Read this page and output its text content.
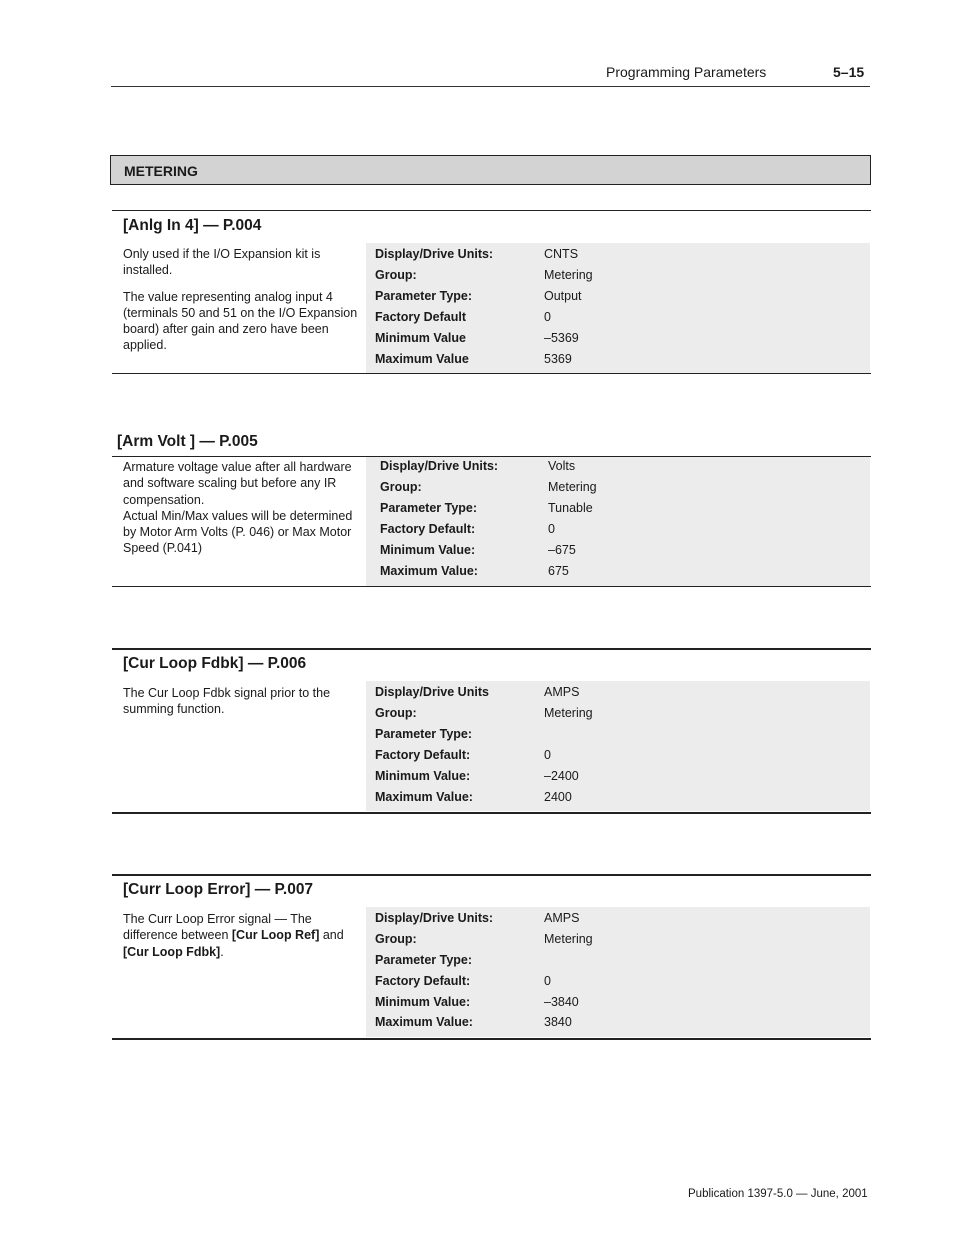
Programming Parameters	5–15
METERING
[Anlg In 4] — P.004

Only used if the I/O Expansion kit is installed.

The value representing analog input 4 (terminals 50 and 51 on the I/O Expansion board) after gain and zero have been applied.

Display/Drive Units:	CNTS
Group:	Metering
Parameter Type:	Output
Factory Default	0
Minimum Value	–5369
Maximum Value	5369
[Arm Volt ] — P.005

Armature voltage value after all hardware and software scaling but before any IR compensation.

Actual Min/Max values will be determined by Motor Arm Volts (P. 046) or Max Motor Speed (P.041)

Display/Drive Units:	Volts
Group:	Metering
Parameter Type:	Tunable
Factory Default:	0
Minimum Value:	–675
Maximum Value:	675
[Cur Loop Fdbk] — P.006

The Cur Loop Fdbk signal prior to the summing function.

Display/Drive Units	AMPS
Group:	Metering
Parameter Type:
Factory Default:	0
Minimum Value:	–2400
Maximum Value:	2400
[Curr Loop Error] — P.007

The Curr Loop Error signal — The difference between [Cur Loop Ref] and [Cur Loop Fdbk].

Display/Drive Units:	AMPS
Group:	Metering
Parameter Type:
Factory Default:	0
Minimum Value:	–3840
Maximum Value:	3840
Publication 1397-5.0 — June, 2001
